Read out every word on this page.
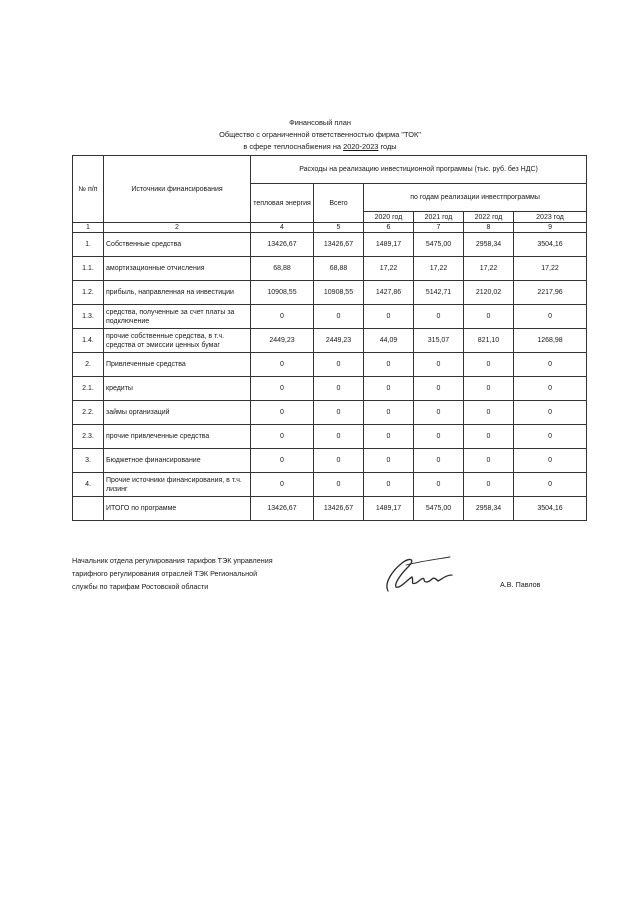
Финансовый план
Общество с ограниченной ответственностью фирма "ТОК"
в сфере теплоснабжения на 2020-2023 годы
№ п/п	Источники финансирования	Расходы на реализацию инвестиционной программы (тыс. руб. без НДС)					
		тепловая энергия	Всего	по годам реализации инвестпрограммы			
				2020 год	2021 год	2022 год	2023 год
1	2	4	5	6	7	8	9
1.	Собственные средства	13426,67	13426,67	1489,17	5475,00	2958,34	3504,16
1.1.	амортизационные отчисления	68,88	68,88	17,22	17,22	17,22	17,22
1.2.	прибыль, направленная на инвестиции	10908,55	10908,55	1427,86	5142,71	2120,02	2217,96
1.3.	средства, полученные за счет платы за подключение	0	0	0	0	0	0
1.4.	прочие собственные средства, в т.ч. средства от эмиссии ценных бумаг	2449,23	2449,23	44,09	315,07	821,10	1268,98
2.	Привлеченные средства	0	0	0	0	0	0
2.1.	кредиты	0	0	0	0	0	0
2.2.	займы организаций	0	0	0	0	0	0
2.3.	прочие привлеченные средства	0	0	0	0	0	0
3.	Бюджетное финансирование	0	0	0	0	0	0
4.	Прочие источники финансирования, в т.ч. лизинг	0	0	0	0	0	0
	ИТОГО по программе	13426,67	13426,67	1489,17	5475,00	2958,34	3504,16
Начальник отдела регулирования тарифов ТЭК управления
тарифного регулирования отраслей ТЭК Региональной
службы по тарифам Ростовской области	А.В. Павлов
